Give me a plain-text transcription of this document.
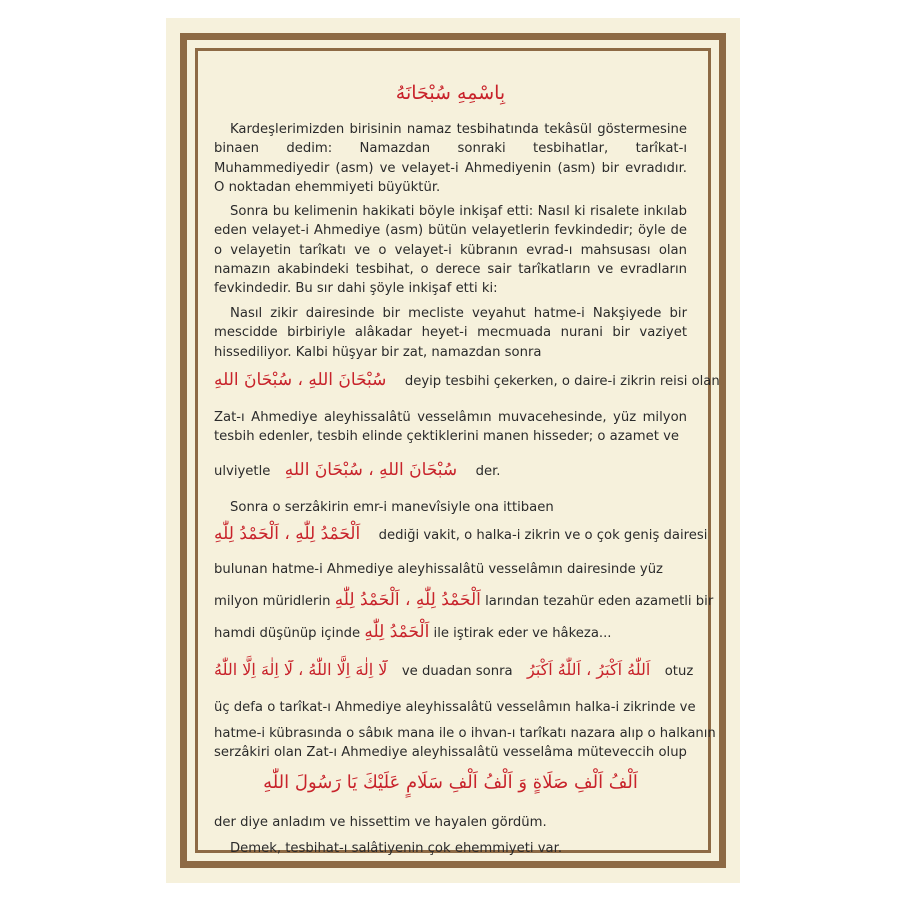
بِاسْمِهِ سُبْحَانَهُ

Kardeşlerimizden birisinin namaz tesbihatında tekâsül göstermesine binaen dedim: Namazdan sonraki tesbihatlar, tarîkat-ı Muhammediyedir (asm) ve velayet-i Ahmediyenin (asm) bir evradıdır. O noktadan ehemmiyeti büyüktür.

Sonra bu kelimenin hakikati böyle inkişaf etti: Nasıl ki risalete inkılab eden velayet-i Ahmediye (asm) bütün velayetlerin fevkindedir; öyle de o velayetin tarîkatı ve o velayet-i kübranın evrad-ı mahsusası olan namazın akabindeki tesbihat, o derece sair tarîkatların ve evradların fevkindedir. Bu sır dahi şöyle inkişaf etti ki:

Nasıl zikir dairesinde bir mecliste veyahut hatme-i Nakşiyede bir mescidde birbiriyle alâkadar heyet-i mecmuada nurani bir vaziyet hissediliyor. Kalbi hüşyar bir zat, namazdan sonra

سُبْحَانَ اللهِ ، سُبْحَانَ اللهِ deyip tesbihi çekerken, o daire-i zikrin reisi olan
Zat-ı Ahmediye aleyhissalâtü vesselâmın muvacehesinde, yüz milyon tesbih edenler, tesbih elinde çektiklerini manen hisseder; o azamet ve

ulviyetle سُبْحَانَ اللهِ ، سُبْحَانَ اللهِ der.
Sonra o serzâkirin emr-i manevîsiyle ona ittibaen
اَلْحَمْدُ لِلّٰهِ ، اَلْحَمْدُ لِلّٰهِ dediği vakit, o halka-i zikrin ve o çok geniş dairesi
bulunan hatme-i Ahmediye aleyhissalâtü vesselâmın dairesinde yüz
milyon müridlerin اَلْحَمْدُ لِلّٰهِ ، اَلْحَمْدُ لِلّٰهِ larından tezahür eden azametli bir
hamdi düşünüp içinde اَلْحَمْدُ لِلّٰهِ ile iştirak eder ve hâkeza...
لَٓا اِلٰهَ اِلَّا اللّٰهُ ، لَٓا اِلٰهَ اِلَّا اللّٰهُ ve duadan sonra اَللّٰهُ اَكْبَرُ ، اَللّٰهُ اَكْبَرُ otuz
üç defa o tarîkat-ı Ahmediye aleyhissalâtü vesselâmın halka-i zikrinde ve
hatme-i kübrasında o sâbık mana ile o ihvan-ı tarîkatı nazara alıp o halkanın
serzâkiri olan Zat-ı Ahmediye aleyhissalâtü vesselâma müteveccih olup
اَلْفُ اَلْفِ صَلَاةٍ وَ اَلْفُ اَلْفِ سَلَامٍ عَلَيْكَ يَا رَسُولَ اللّٰهِ
der diye anladım ve hissettim ve hayalen gördüm.
Demek, tesbihat-ı salâtiyenin çok ehemmiyeti var.
